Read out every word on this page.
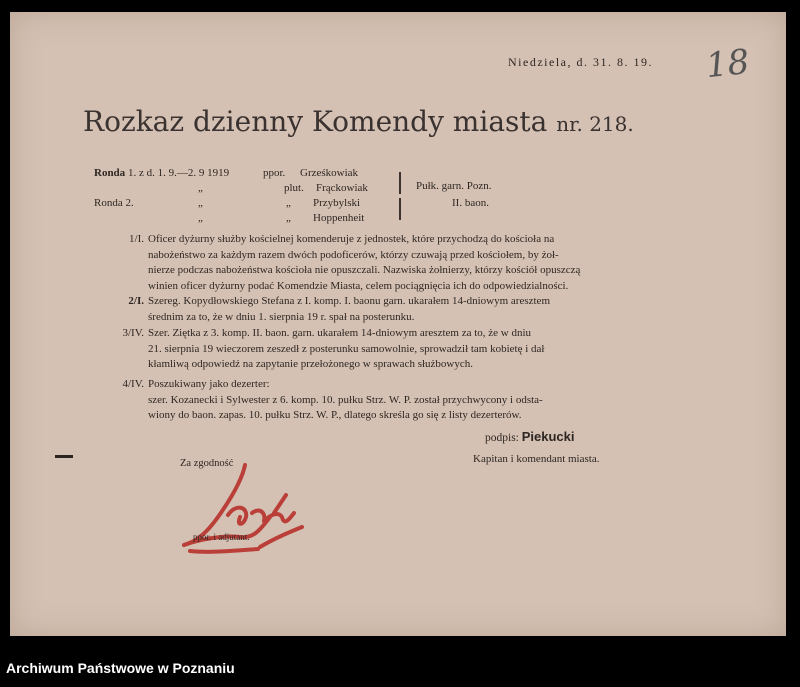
Niedziela, d. 31. 8. 19. 18
Rozkaz dzienny Komendy miasta nr. 218.
Ronda 1. z d. 1. 9.—2. 9 1919	ppor. Grześkowiak
„	plut. Frąckowiak
Ronda 2.	„	„ Przybylski
„	„ Hoppenheit
Pułk. garn. Pozn.
II. baon.
1/I. Oficer dyżurny służby kościelnej komenderuje z jednostek, które przychodzą do kościoła na
nabożeństwo za każdym razem dwóch podoficerów, którzy czuwają przed kościołem, by żoł-
nierze podczas nabożeństwa kościoła nie opuszczali. Nazwiska żołnierzy, którzy kościół opuszczą
winien oficer dyżurny podać Komendzie Miasta, celem pociągnięcia ich do odpowiedzialności.
2/I. Szereg. Kopydłowskiego Stefana z I. komp. I. baonu garn. ukarałem 14-dniowym aresztem
średnim za to, że w dniu 1. sierpnia 19 r. spał na posterunku.
3/IV. Szer. Ziętka z 3. komp. II. baon. garn. ukarałem 14-dniowym aresztem za to, że w dniu
21. sierpnia 19 wieczorem zeszedł z posterunku samowolnie, sprowadził tam kobietę i dał
kłamliwą odpowiedź na zapytanie przełożonego w sprawach służbowych.
4/IV. Poszukiwany jako dezerter:
szer. Kozanecki i Sylwester z 6. komp. 10. pułku Strz. W. P. został przychwycony i odsta-
wiony do baon. zapas. 10. pułku Strz. W. P., dlatego skreśla go się z listy dezerterów.
podpis: Piekucki
Kapitan i komendant miasta.
Za zgodność
ppor. i adjutant.
Archiwum Państwowe w Poznaniu
